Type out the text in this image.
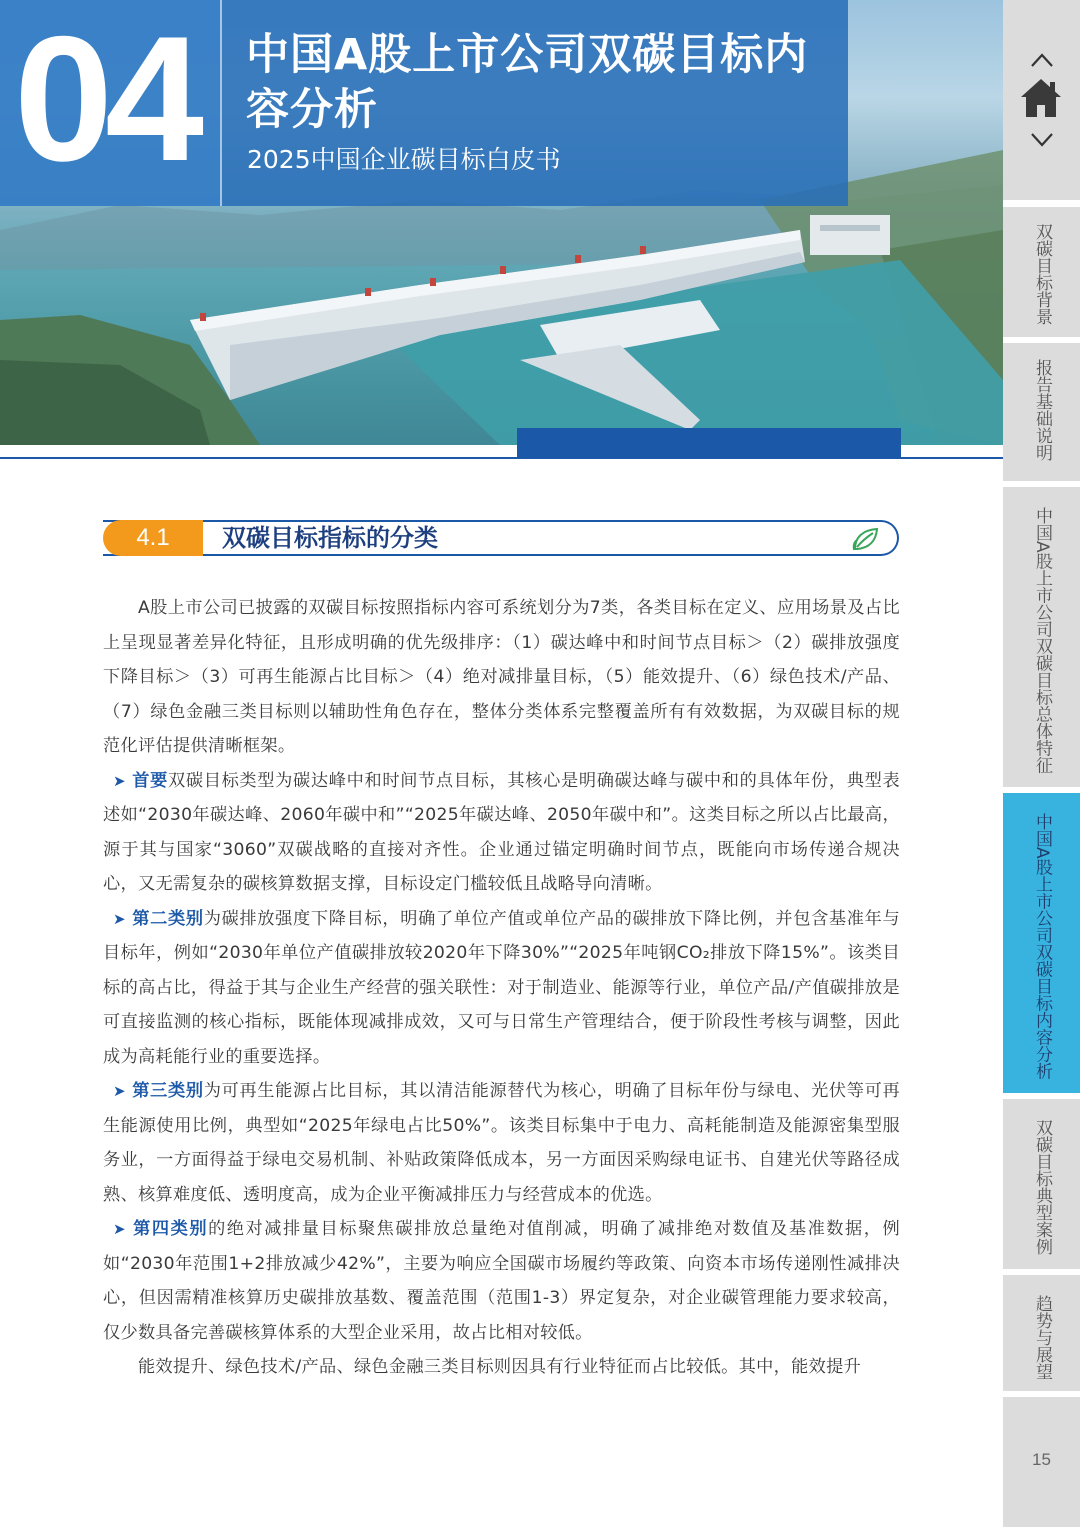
04 中国A股上市公司双碳目标内容分析
2025中国企业碳目标白皮书
双碳目标背景
报告基础说明
中国A股上市公司双碳目标总体特征
中国A股上市公司双碳目标内容分析
双碳目标典型案例
趋势与展望
15
4.1	双碳目标指标的分类

A股上市公司已披露的双碳目标按照指标内容可系统划分为7类，各类目标在定义、应用场景及占比上呈现显著差异化特征，且形成明确的优先级排序：（1）碳达峰中和时间节点目标＞（2）碳排放强度下降目标＞（3）可再生能源占比目标＞（4）绝对减排量目标，（5）能效提升、（6）绿色技术/产品、（7）绿色金融三类目标则以辅助性角色存在，整体分类体系完整覆盖所有有效数据，为双碳目标的规范化评估提供清晰框架。

➤ 首要双碳目标类型为碳达峰中和时间节点目标，其核心是明确碳达峰与碳中和的具体年份，典型表述如“2030年碳达峰、2060年碳中和”“2025年碳达峰、2050年碳中和”。这类目标之所以占比最高，源于其与国家“3060”双碳战略的直接对齐性。企业通过锚定明确时间节点，既能向市场传递合规决心，又无需复杂的碳核算数据支撑，目标设定门槛较低且战略导向清晰。

➤ 第二类别为碳排放强度下降目标，明确了单位产值或单位产品的碳排放下降比例，并包含基准年与目标年，例如“2030年单位产值碳排放较2020年下降30%”“2025年吨钢CO₂排放下降15%”。该类目标的高占比，得益于其与企业生产经营的强关联性：对于制造业、能源等行业，单位产品/产值碳排放是可直接监测的核心指标，既能体现减排成效，又可与日常生产管理结合，便于阶段性考核与调整，因此成为高耗能行业的重要选择。

➤ 第三类别为可再生能源占比目标，其以清洁能源替代为核心，明确了目标年份与绿电、光伏等可再生能源使用比例，典型如“2025年绿电占比50%”。该类目标集中于电力、高耗能制造及能源密集型服务业，一方面得益于绿电交易机制、补贴政策降低成本，另一方面因采购绿电证书、自建光伏等路径成熟、核算难度低、透明度高，成为企业平衡减排压力与经营成本的优选。

➤ 第四类别的绝对减排量目标聚焦碳排放总量绝对值削减，明确了减排绝对数值及基准数据，例如“2030年范围1+2排放减少42%”，主要为响应全国碳市场履约等政策、向资本市场传递刚性减排决心，但因需精准核算历史碳排放基数、覆盖范围（范围1-3）界定复杂，对企业碳管理能力要求较高，仅少数具备完善碳核算体系的大型企业采用，故占比相对较低。

能效提升、绿色技术/产品、绿色金融三类目标则因具有行业特征而占比较低。其中，能效提升
